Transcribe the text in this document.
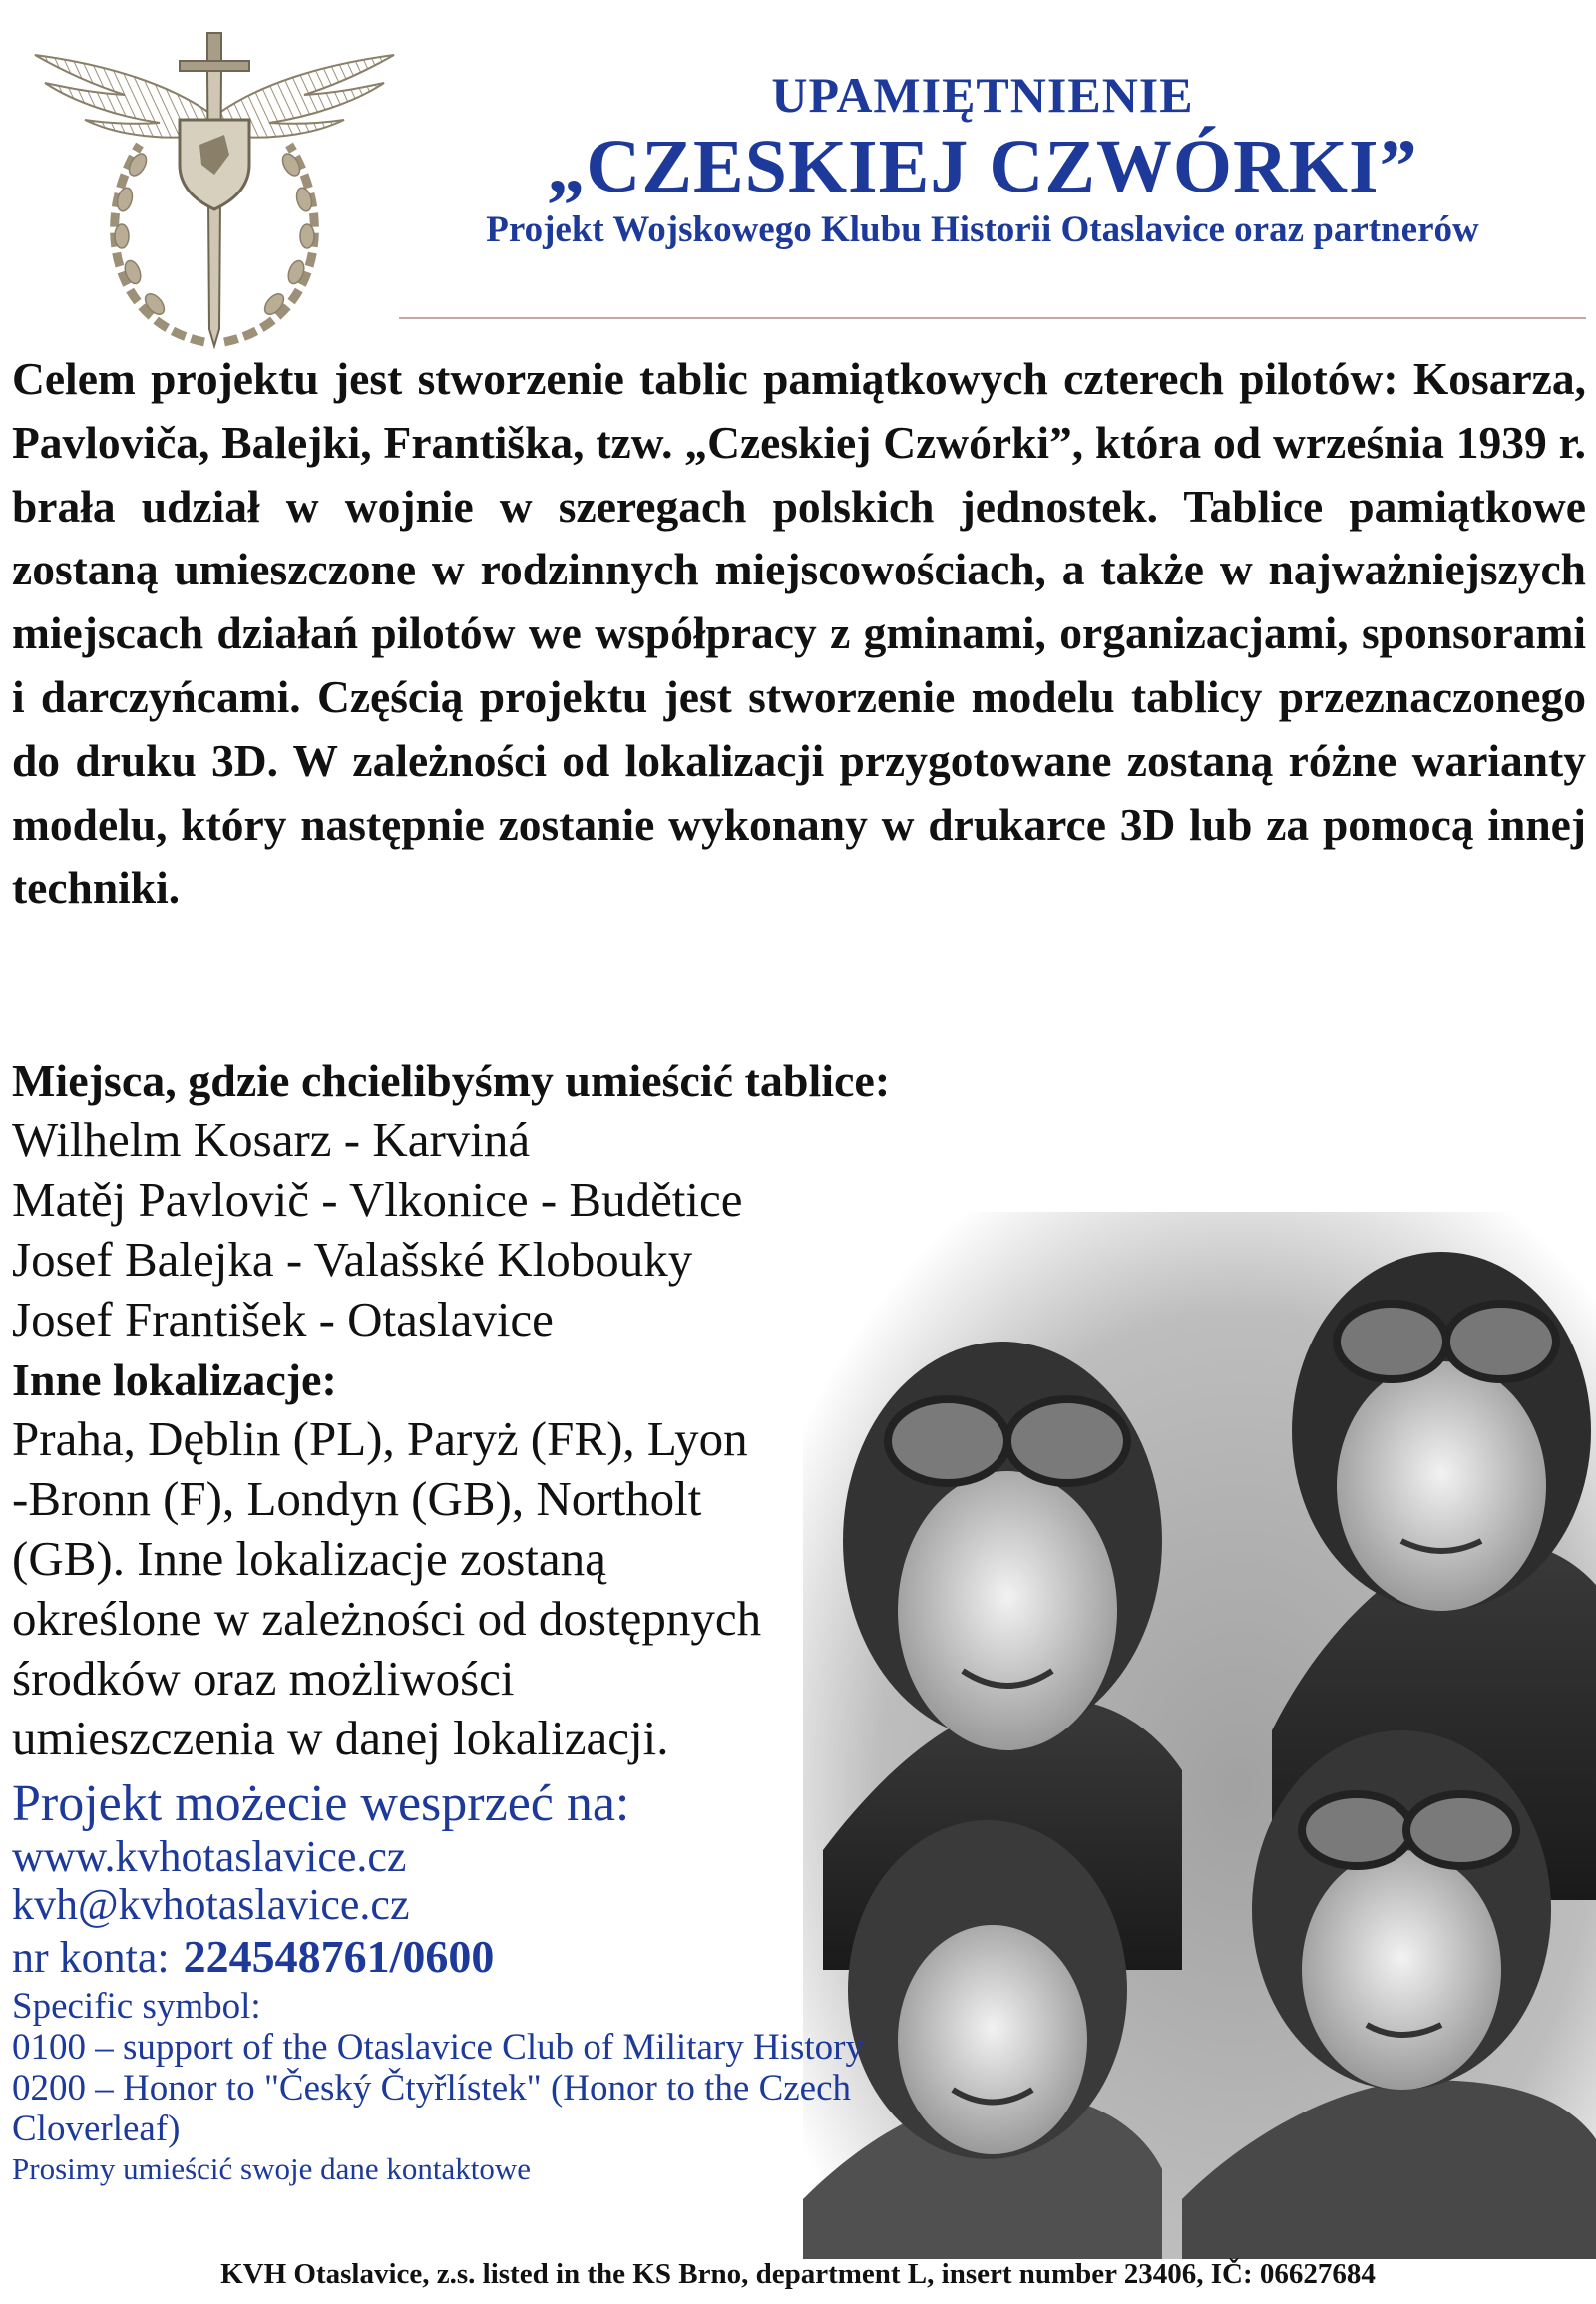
UPAMIĘTNIENIE
„CZESKIEJ CZWÓRKI”
Projekt Wojskowego Klubu Historii Otaslavice oraz partnerów

Celem projektu jest stworzenie tablic pamiątkowych czterech pilotów: Kosarza, Pavloviča, Balejki, Františka, tzw. „Czeskiej Czwórki”, która od września 1939 r. brała udział w wojnie w szeregach polskich jednostek. Tablice pamiątkowe zostaną umieszczone w rodzinnych miejscowościach, a także w najważniejszych miejscach działań pilotów we współpracy z gminami, organizacjami, sponsorami i darczyńcami. Częścią projektu jest stworzenie modelu tablicy przeznaczonego do druku 3D. W zależności od lokalizacji przygotowane zostaną różne warianty modelu, który następnie zostanie wykonany w drukarce 3D lub za pomocą innej techniki.

Miejsca, gdzie chcielibyśmy umieścić tablice:
Wilhelm Kosarz - Karviná
Matěj Pavlovič - Vlkonice - Budětice
Josef Balejka - Valašské Klobouky
Josef František - Otaslavice
Inne lokalizacje:
Praha, Dęblin (PL), Paryż (FR), Lyon
-Bronn (F), Londyn (GB), Northolt
(GB). Inne lokalizacje zostaną
określone w zależności od dostępnych
środków oraz możliwości
umieszczenia w danej lokalizacji.
Projekt możecie wesprzeć na:
www.kvhotaslavice.cz
kvh@kvhotaslavice.cz
nr konta: 224548761/0600
Specific symbol:
0100 – support of the Otaslavice Club of Military History
0200 – Honor to "Český Čtyřlístek" (Honor to the Czech Cloverleaf)
Prosimy umieścić swoje dane kontaktowe
KVH Otaslavice, z.s. listed in the KS Brno, department L, insert number 23406, IČ: 06627684
